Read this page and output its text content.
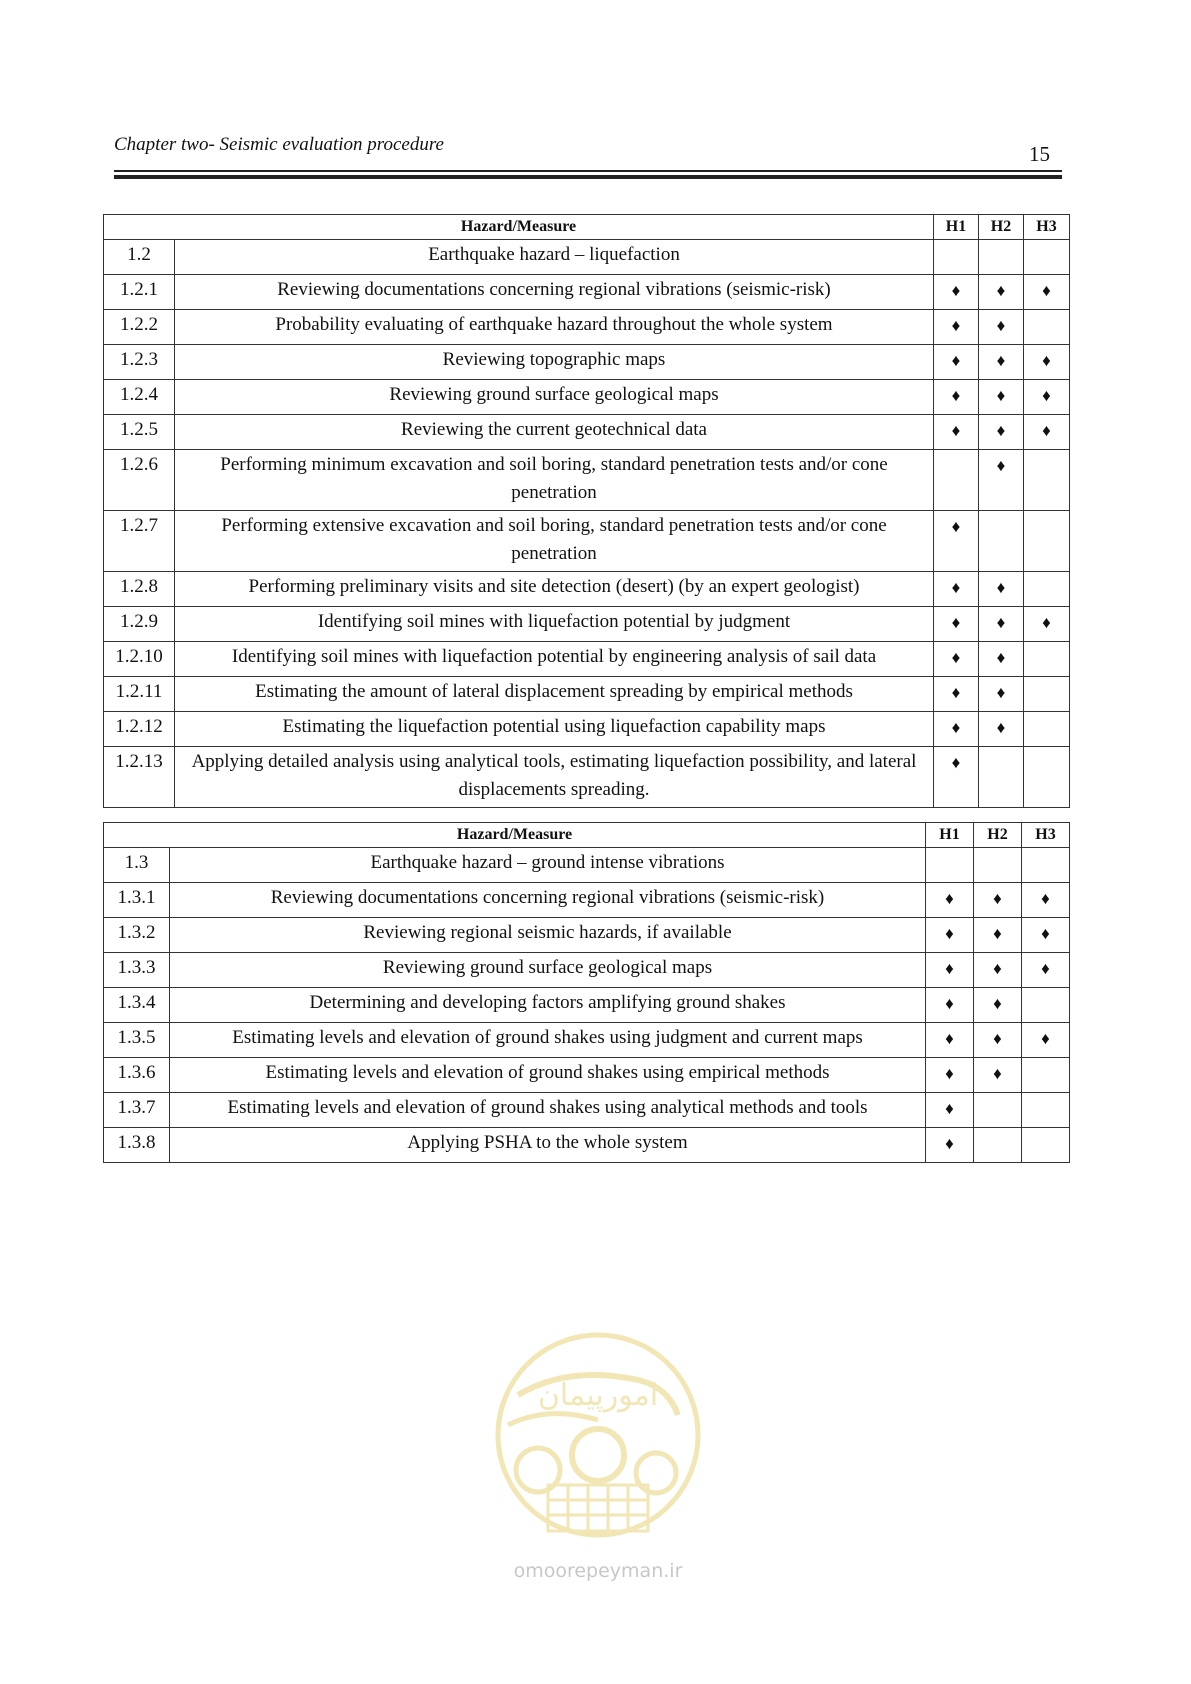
Chapter two- Seismic evaluation procedure	15
Hazard/Measure		H1	H2	H3
1.2	Earthquake hazard – liquefaction			
1.2.1	Reviewing documentations concerning regional vibrations (seismic-risk)	♦	♦	♦
1.2.2	Probability evaluating of earthquake hazard throughout the whole system	♦	♦	
1.2.3	Reviewing topographic maps	♦	♦	♦
1.2.4	Reviewing ground surface geological maps	♦	♦	♦
1.2.5	Reviewing the current geotechnical data	♦	♦	♦
1.2.6	Performing minimum excavation and soil boring, standard penetration tests and/or cone penetration		♦	
1.2.7	Performing extensive excavation and soil boring, standard penetration tests and/or cone penetration	♦		
1.2.8	Performing preliminary visits and site detection (desert) (by an expert geologist)	♦	♦	
1.2.9	Identifying soil mines with liquefaction potential by judgment	♦	♦	♦
1.2.10	Identifying soil mines with liquefaction potential by engineering analysis of sail data	♦	♦	
1.2.11	Estimating the amount of lateral displacement spreading by empirical methods	♦	♦	
1.2.12	Estimating the liquefaction potential using liquefaction capability maps	♦	♦	
1.2.13	Applying detailed analysis using analytical tools, estimating liquefaction possibility, and lateral displacements spreading.	♦		
Hazard/Measure		H1	H2	H3
1.3	Earthquake hazard – ground intense vibrations			
1.3.1	Reviewing documentations concerning regional vibrations (seismic-risk)	♦	♦	♦
1.3.2	Reviewing regional seismic hazards, if available	♦	♦	♦
1.3.3	Reviewing ground surface geological maps	♦	♦	♦
1.3.4	Determining and developing factors amplifying ground shakes	♦	♦	
1.3.5	Estimating levels and elevation of ground shakes using judgment and current maps	♦	♦	♦
1.3.6	Estimating levels and elevation of ground shakes using empirical methods	♦	♦	
1.3.7	Estimating levels and elevation of ground shakes using analytical methods and tools	♦		
1.3.8	Applying PSHA to the whole system	♦		
امورپیمان
omoorepeyman.ir
